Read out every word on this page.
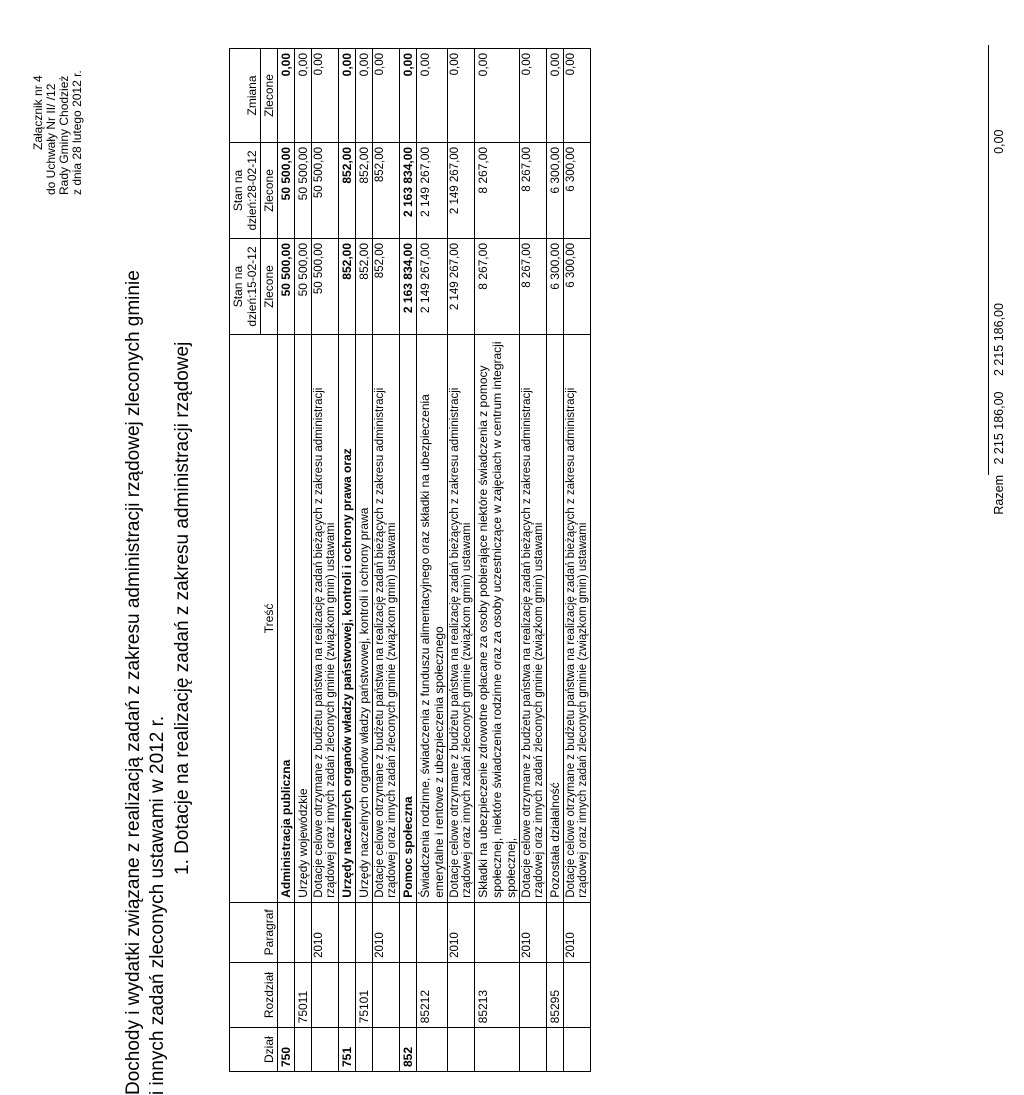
Załącznik nr 4 do Uchwały Nr II/ /12 Rady Gminy Chodzież z dnia 28 lutego 2012 r.
Dochody i wydatki związane z realizacją zadań z zakresu administracji rządowej zleconych gminie i innych zadań zleconych ustawami w 2012 r.
1. Dotacje na realizację zadań z zakresu administracji rządowej
Dział	Rozdział	Paragraf	Treść	Stan na dzień:15-02-12	Stan na dzień:28-02-12	Zmiana
				Zlecone	Zlecone	Zlecone
750			Administracja publiczna	50 500,00	50 500,00	0,00
	75011		Urzędy wojewódzkie	50 500,00	50 500,00	0,00
		2010	Dotacje celowe otrzymane z budżetu państwa na realizację zadań bieżących z zakresu administracji rządowej oraz innych zadań zleconych gminie (związkom gmin) ustawami	50 500,00	50 500,00	0,00
751			Urzędy naczelnych organów władzy państwowej, kontroli i ochrony prawa oraz	852,00	852,00	0,00
	75101		Urzędy naczelnych organów władzy państwowej, kontroli i ochrony prawa	852,00	852,00	0,00
		2010	Dotacje celowe otrzymane z budżetu państwa na realizację zadań bieżących z zakresu administracji rządowej oraz innych zadań zleconych gminie (związkom gmin) ustawami	852,00	852,00	0,00
852			Pomoc społeczna	2 163 834,00	2 163 834,00	0,00
	85212		Świadczenia rodzinne, świadczenia z funduszu alimentacyjnego oraz składki na ubezpieczenia emerytalne i rentowe z ubezpieczenia społecznego	2 149 267,00	2 149 267,00	0,00
		2010	Dotacje celowe otrzymane z budżetu państwa na realizację zadań bieżących z zakresu administracji rządowej oraz innych zadań zleconych gminie (związkom gmin) ustawami	2 149 267,00	2 149 267,00	0,00
	85213		Składki na ubezpieczenie zdrowotne opłacane za osoby pobierające niektóre świadczenia z pomocy społecznej, niektóre świadczenia rodzinne oraz za osoby uczestniczące w zajęciach w centrum integracji społecznej,	8 267,00	8 267,00	0,00
		2010	Dotacje celowe otrzymane z budżetu państwa na realizację zadań bieżących z zakresu administracji rządowej oraz innych zadań zleconych gminie (związkom gmin) ustawami	8 267,00	8 267,00	0,00
	85295		Pozostała działalność	6 300,00	6 300,00	0,00
		2010	Dotacje celowe otrzymane z budżetu państwa na realizację zadań bieżących z zakresu administracji rządowej oraz innych zadań zleconych gminie (związkom gmin) ustawami	6 300,00	6 300,00	0,00
Razem 2 215 186,00 2 215 186,00 0,00
